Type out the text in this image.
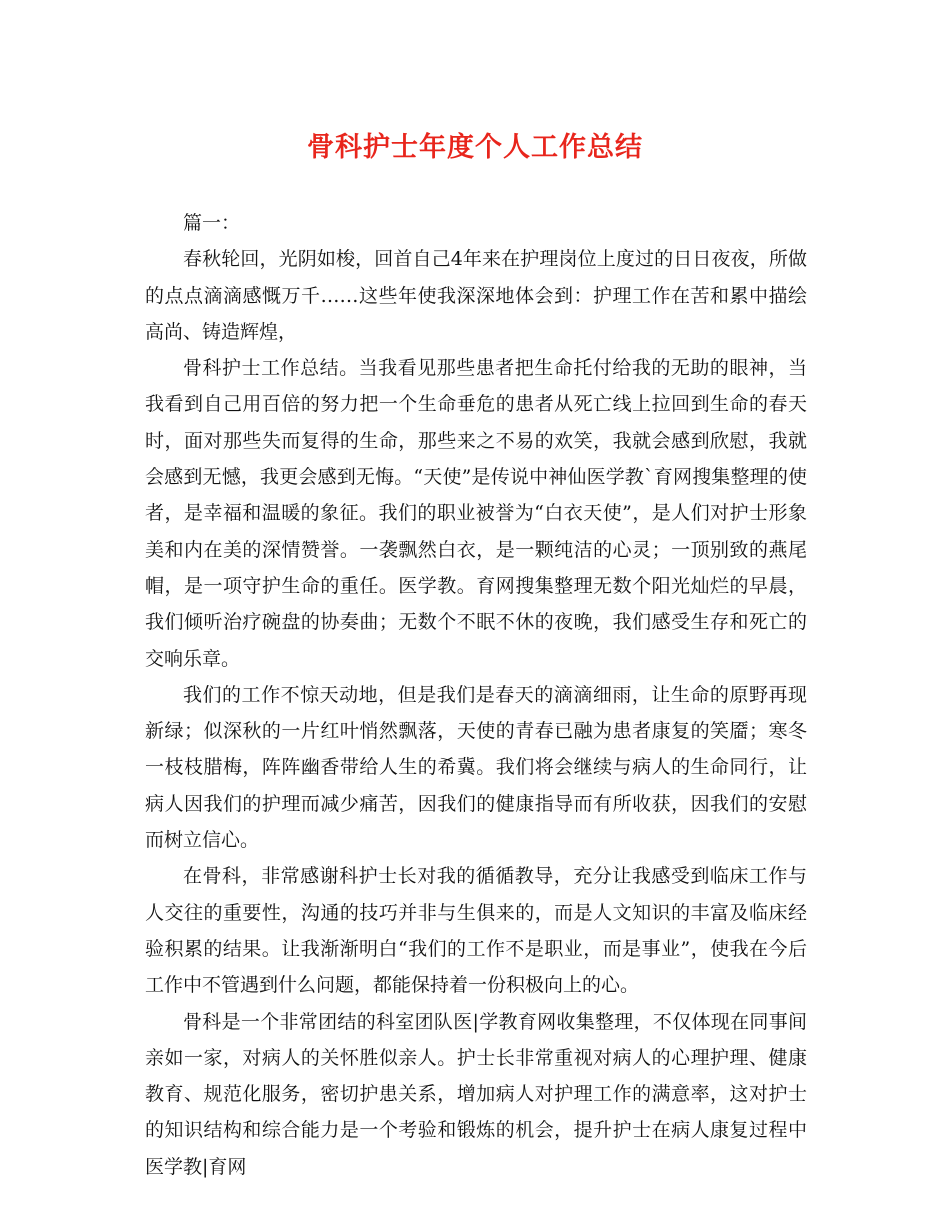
骨科护士年度个人工作总结

篇一：

春秋轮回，光阴如梭，回首自己4年来在护理岗位上度过的日日夜夜，所做的点点滴滴感慨万千……这些年使我深深地体会到：护理工作在苦和累中描绘高尚、铸造辉煌，

骨科护士工作总结。当我看见那些患者把生命托付给我的无助的眼神，当我看到自己用百倍的努力把一个生命垂危的患者从死亡线上拉回到生命的春天时，面对那些失而复得的生命，那些来之不易的欢笑，我就会感到欣慰，我就会感到无憾，我更会感到无悔。“天使”是传说中神仙医学教`育网搜集整理的使者，是幸福和温暖的象征。我们的职业被誉为“白衣天使”，是人们对护士形象美和内在美的深情赞誉。一袭飘然白衣，是一颗纯洁的心灵；一顶别致的燕尾帽，是一项守护生命的重任。医学教。育网搜集整理无数个阳光灿烂的早晨，我们倾听治疗碗盘的协奏曲；无数个不眠不休的夜晚，我们感受生存和死亡的交响乐章。

我们的工作不惊天动地，但是我们是春天的滴滴细雨，让生命的原野再现新绿；似深秋的一片红叶悄然飘落，天使的青春已融为患者康复的笑靥；寒冬一枝枝腊梅，阵阵幽香带给人生的希冀。我们将会继续与病人的生命同行，让病人因我们的护理而减少痛苦，因我们的健康指导而有所收获，因我们的安慰而树立信心。

在骨科，非常感谢科护士长对我的循循教导，充分让我感受到临床工作与人交往的重要性，沟通的技巧并非与生俱来的，而是人文知识的丰富及临床经验积累的结果。让我渐渐明白“我们的工作不是职业，而是事业”，使我在今后工作中不管遇到什么问题，都能保持着一份积极向上的心。

骨科是一个非常团结的科室团队医|学教育网收集整理，不仅体现在同事间亲如一家，对病人的关怀胜似亲人。护士长非常重视对病人的心理护理、健康教育、规范化服务，密切护患关系，增加病人对护理工作的满意率，这对护士的知识结构和综合能力是一个考验和锻炼的机会，提升护士在病人康复过程中医学教|育网
